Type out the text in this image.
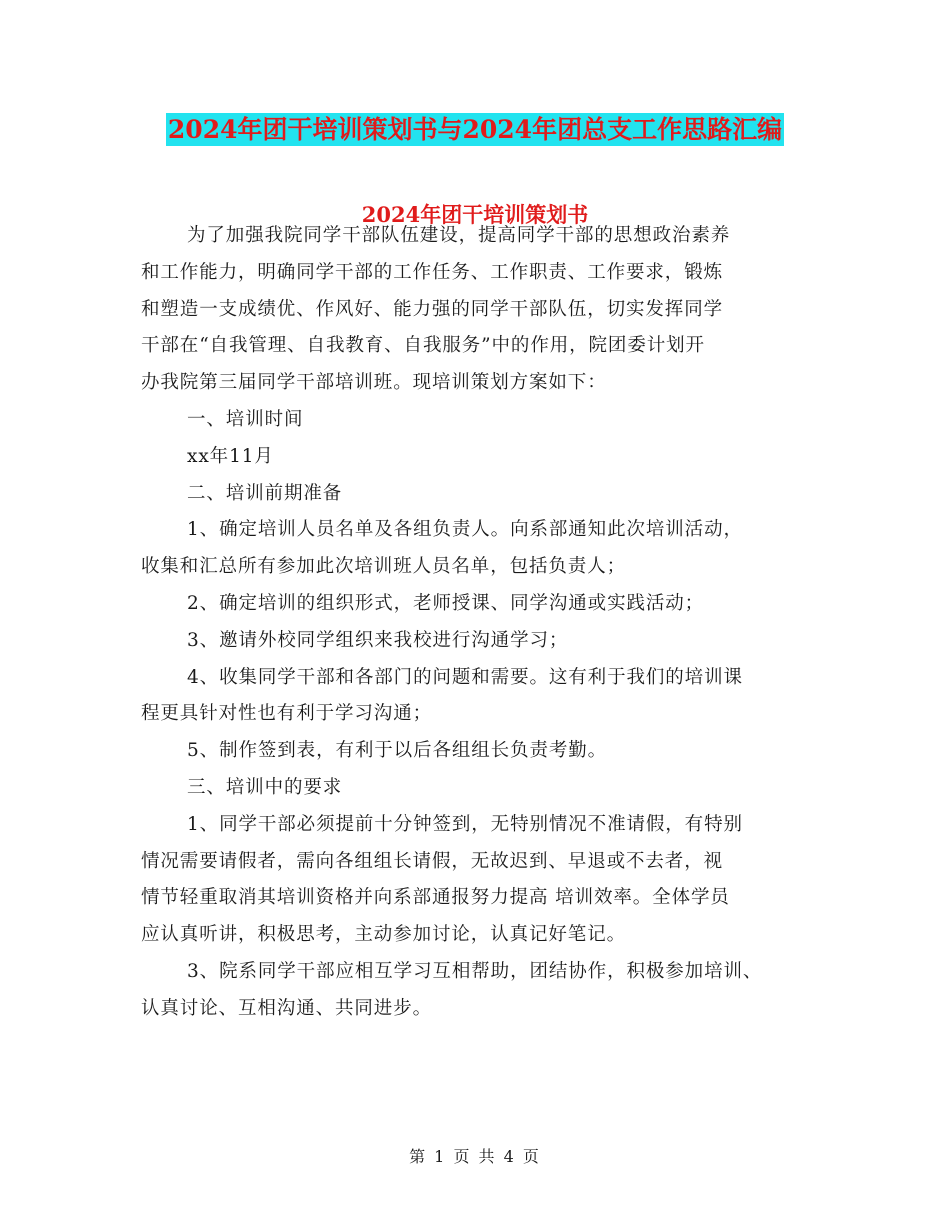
2024年团干培训策划书与2024年团总支工作思路汇编
2024年团干培训策划书
为了加强我院同学干部队伍建设，提高同学干部的思想政治素养
和工作能力，明确同学干部的工作任务、工作职责、工作要求，锻炼
和塑造一支成绩优、作风好、能力强的同学干部队伍，切实发挥同学
干部在“自我管理、自我教育、自我服务”中的作用，院团委计划开
办我院第三届同学干部培训班。现培训策划方案如下：
一、培训时间
xx年11月
二、培训前期准备
1、确定培训人员名单及各组负责人。向系部通知此次培训活动，
收集和汇总所有参加此次培训班人员名单，包括负责人；
2、确定培训的组织形式，老师授课、同学沟通或实践活动；
3、邀请外校同学组织来我校进行沟通学习；
4、收集同学干部和各部门的问题和需要。这有利于我们的培训课
程更具针对性也有利于学习沟通；
5、制作签到表，有利于以后各组组长负责考勤。
三、培训中的要求
1、同学干部必须提前十分钟签到，无特别情况不准请假，有特别
情况需要请假者，需向各组组长请假，无故迟到、早退或不去者，视
情节轻重取消其培训资格并向系部通报努力提高 培训效率。全体学员
应认真听讲，积极思考，主动参加讨论，认真记好笔记。
3、院系同学干部应相互学习互相帮助，团结协作，积极参加培训、
认真讨论、互相沟通、共同进步。
第 1 页 共 4 页
